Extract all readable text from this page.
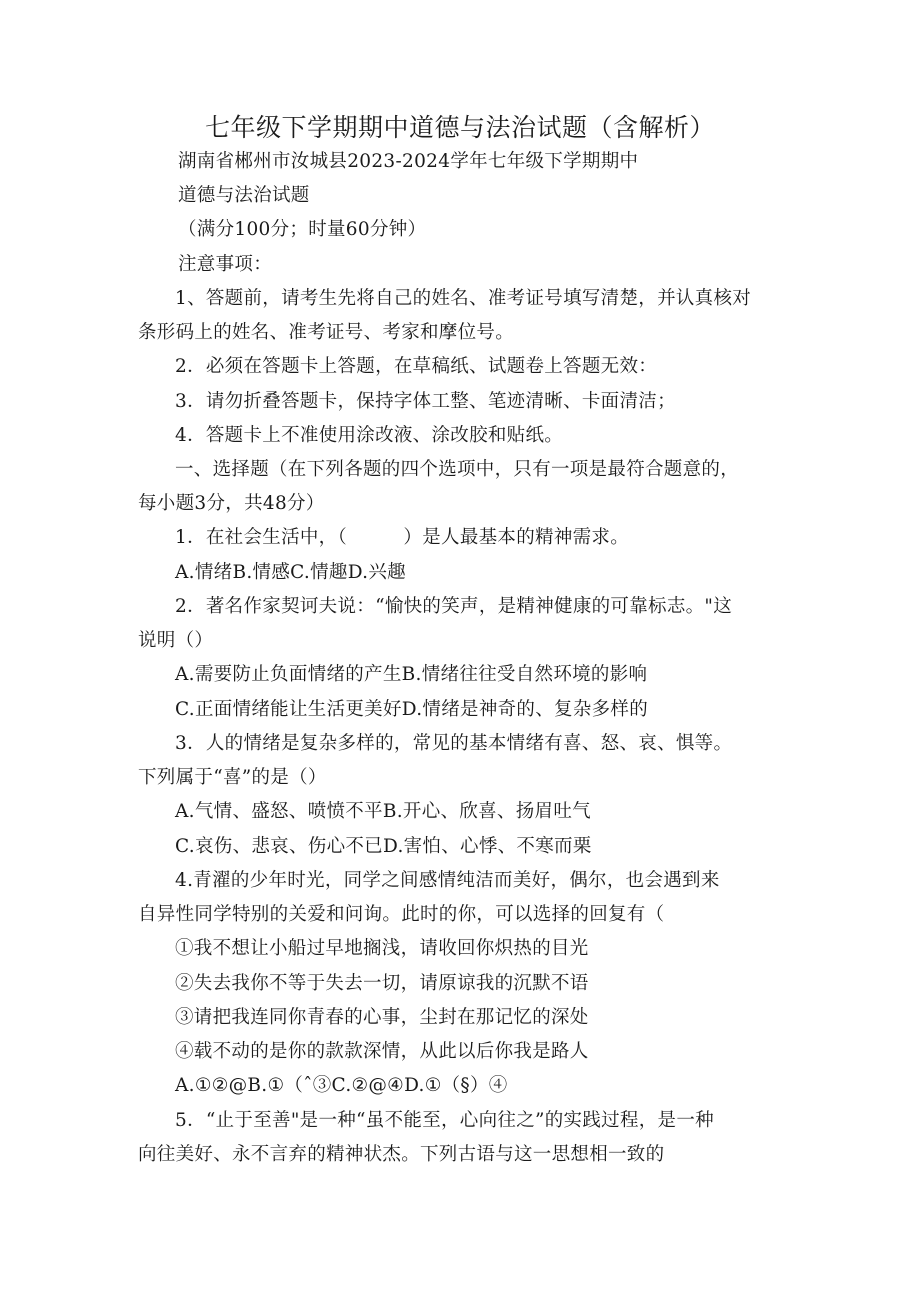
七年级下学期期中道德与法治试题（含解析）
湖南省郴州市汝城县2023-2024学年七年级下学期期中
道德与法治试题
（满分100分；时量60分钟）
注意事项：
1、答题前，请考生先将自己的姓名、准考证号填写清楚，并认真核对
条形码上的姓名、准考证号、考家和摩位号。
2．必须在答题卡上答题，在草稿纸、试题卷上答题无效：
3．请勿折叠答题卡，保持字体工整、笔迹清晰、卡面清洁；
4．答题卡上不准使用涂改液、涂改胶和贴纸。
一、选择题（在下列各题的四个选项中，只有一项是最符合题意的，
每小题3分，共48分）
1．在社会生活中，（　　　）是人最基本的精神需求。
A.情绪B.情感C.情趣D.兴趣
2．著名作家契诃夫说：“愉快的笑声，是精神健康的可靠标志。"这
说明（）
A.需要防止负面情绪的产生B.情绪往往受自然环境的影响
C.正面情绪能让生活更美好D.情绪是神奇的、复杂多样的
3．人的情绪是复杂多样的，常见的基本情绪有喜、怒、哀、惧等。
下列属于“喜”的是（）
A.气情、盛怒、喷愤不平B.开心、欣喜、扬眉吐气
C.哀伤、悲哀、伤心不已D.害怕、心悸、不寒而栗
4.青濯的少年时光，同学之间感情纯洁而美好，偶尔，也会遇到来
自异性同学特别的关爱和问询。此时的你，可以选择的回复有（
①我不想让小船过早地搁浅，请收回你炽热的目光
②失去我你不等于失去一切，请原谅我的沉默不语
③请把我连同你青春的心事，尘封在那记忆的深处
④载不动的是你的款款深情，从此以后你我是路人
A.①②@B.①（ˆ③C.②@④D.①（§）④
5．“止于至善"是一种“虽不能至，心向往之”的实践过程，是一种
向往美好、永不言弃的精神状杰。下列古语与这一思想相一致的
